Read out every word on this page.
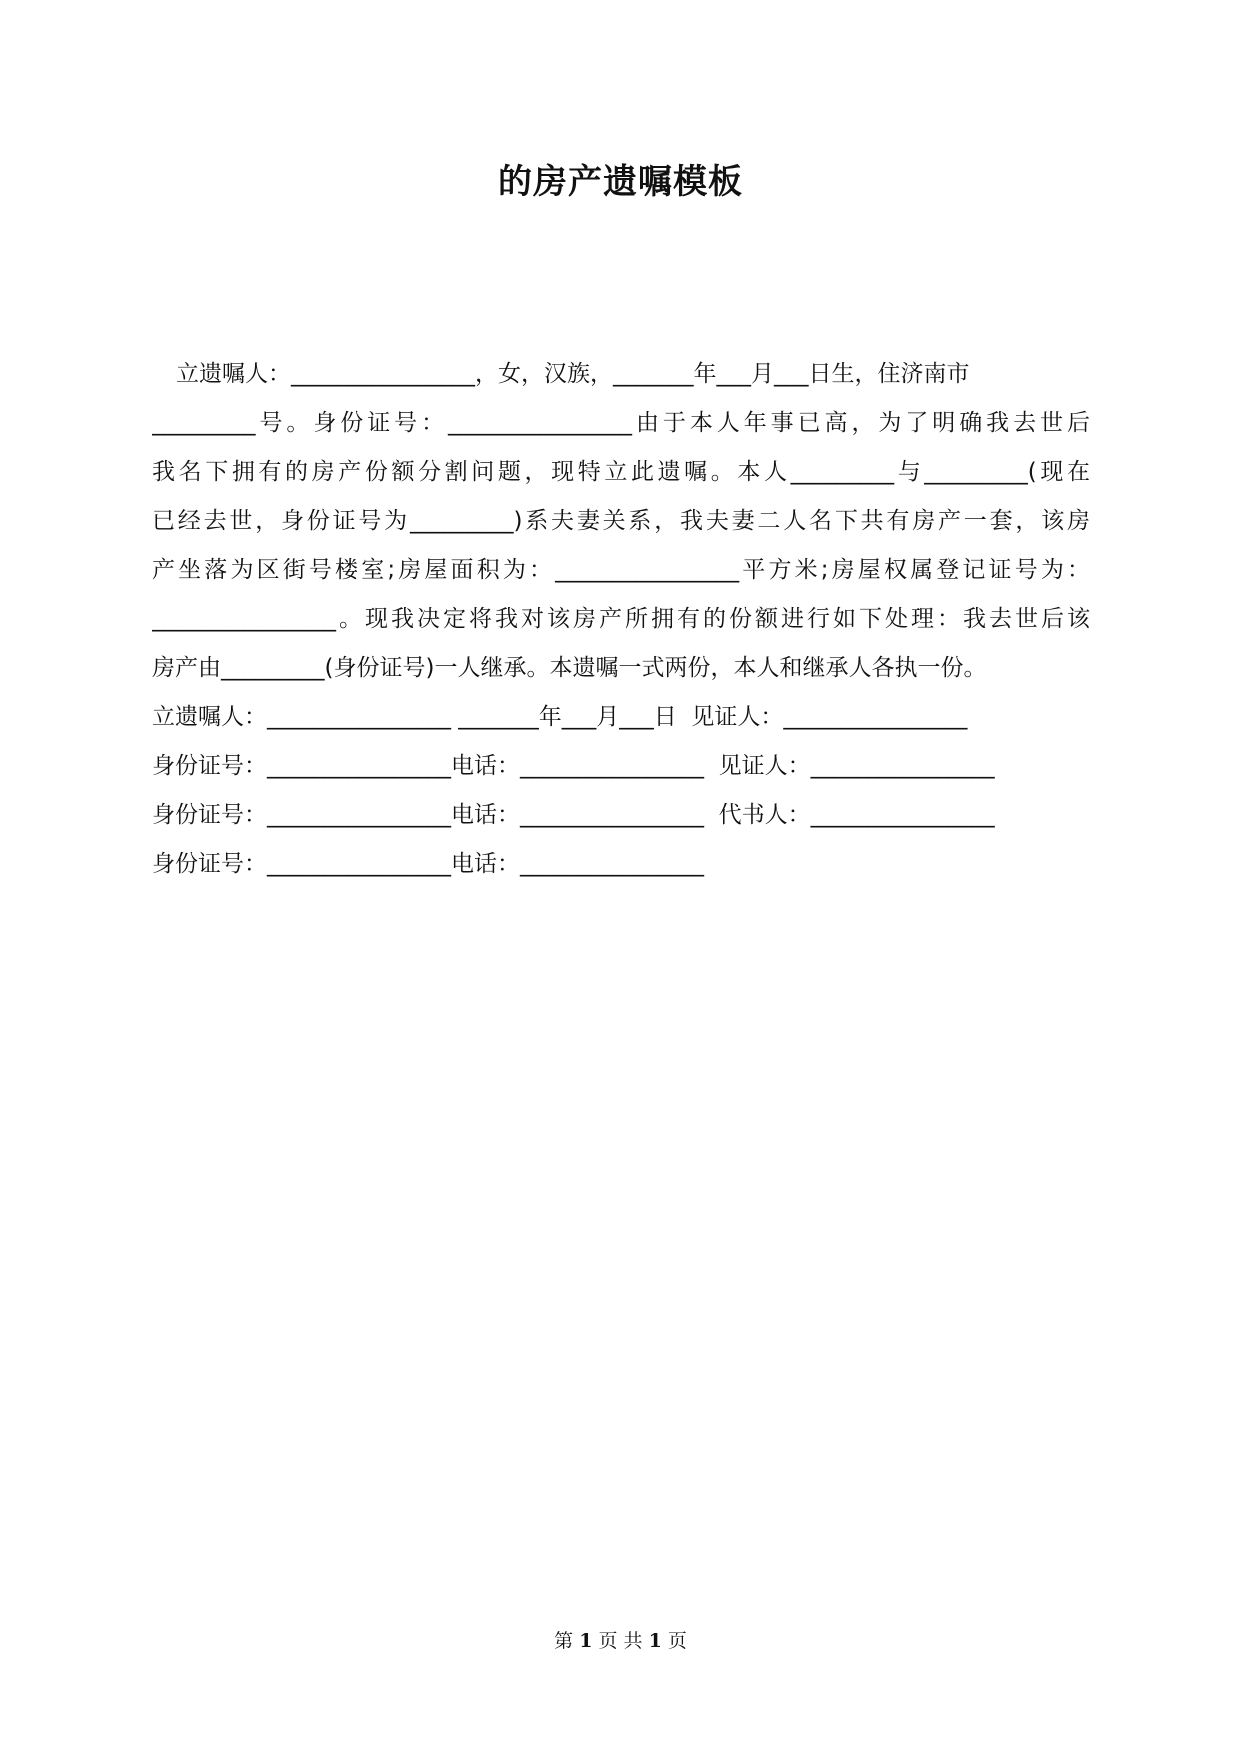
的房产遗嘱模板
立遗嘱人：________________，女，汉族，_______年___月___日生，住济南市
_________号。身份证号：________________由于本人年事已高，为了明确我去世后
我名下拥有的房产份额分割问题，现特立此遗嘱。本人_________与_________(现在
已经去世，身份证号为_________)系夫妻关系，我夫妻二人名下共有房产一套，该房
产坐落为区街号楼室;房屋面积为：________________平方米;房屋权属登记证号为：
________________。现我决定将我对该房产所拥有的份额进行如下处理：我去世后该
房产由_________(身份证号)一人继承。本遗嘱一式两份，本人和继承人各执一份。
立遗嘱人：________________ _______年___月___日  见证人：________________
身份证号：________________电话：________________  见证人：________________
身份证号：________________电话：________________  代书人：________________
身份证号：________________电话：________________
第 1 页 共 1 页
